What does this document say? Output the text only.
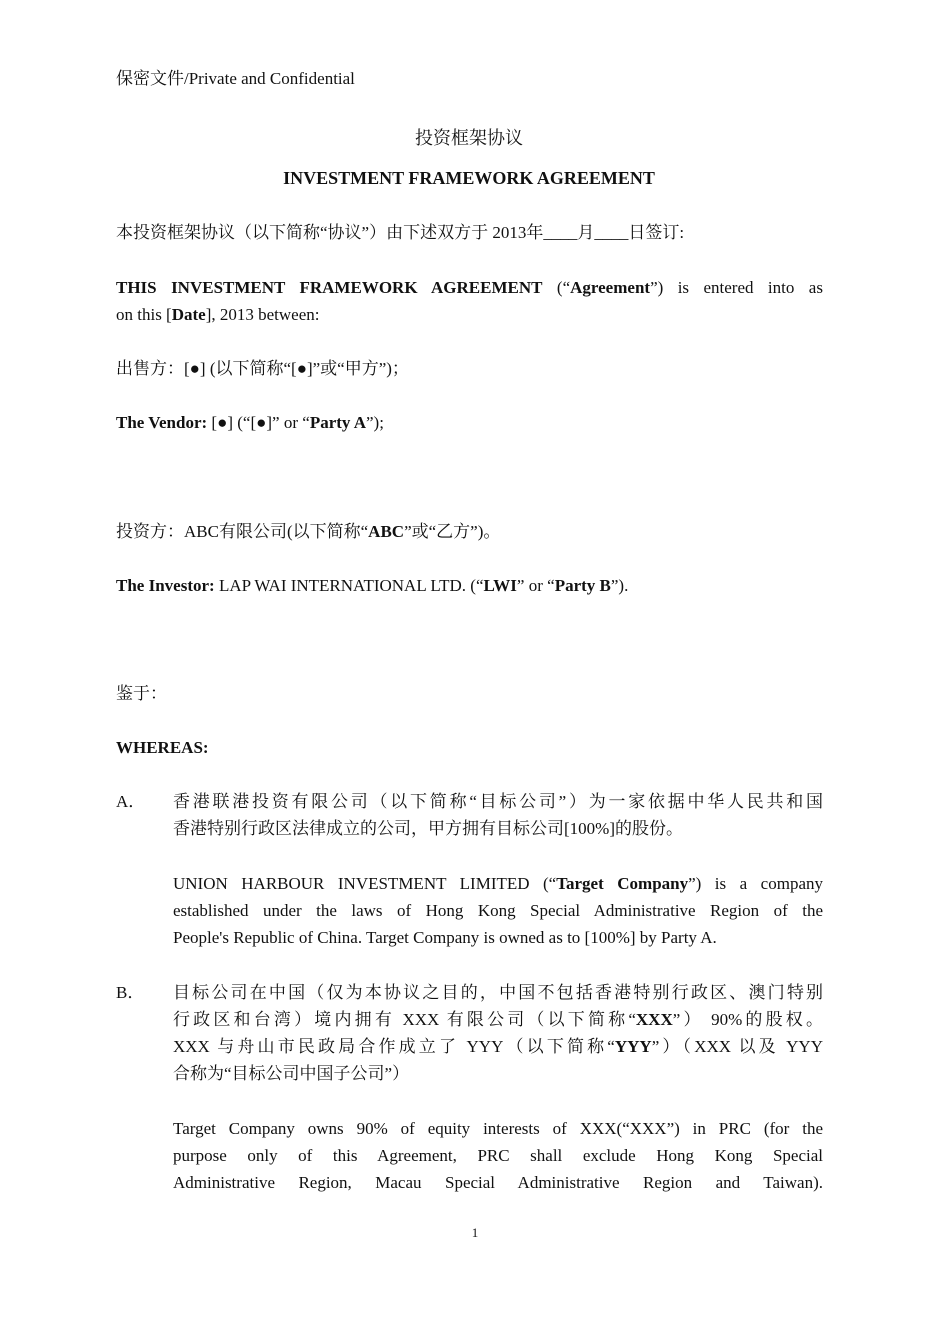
保密文件/Private and Confidential
投资框架协议
INVESTMENT FRAMEWORK AGREEMENT
本投资框架协议（以下简称“协议”）由下述双方于 2013年____月____日签订:
THIS INVESTMENT FRAMEWORK AGREEMENT (“Agreement”) is entered into as
on this [Date], 2013 between:
出售方：[●] (以下简称“[●]”或“甲方”)；
The Vendor: [●] (“[●]” or “Party A”);
投资方：ABC有限公司(以下简称“ABC”或“乙方”)。
The Investor: LAP WAI INTERNATIONAL LTD. (“LWI” or “Party B”).
鉴于：
WHEREAS:
A． 香港联港投资有限公司（以下简称“目标公司”）为一家依据中华人民共和国
香港特别行政区法律成立的公司，甲方拥有目标公司[100%]的股份。
UNION HARBOUR INVESTMENT LIMITED (“Target Company”) is a company
established under the laws of Hong Kong Special Administrative Region of the
People's Republic of China. Target Company is owned as to [100%] by Party A.
B． 目标公司在中国（仅为本协议之目的，中国不包括香港特别行政区、澳门特别
行政区和台湾）境内拥有 XXX 有限公司（以下简称“XXX”） 90%的股权。
XXX 与舟山市民政局合作成立了 YYY（以下简称“YYY”）（XXX 以及 YYY
合称为“目标公司中国子公司”）
Target Company owns 90% of equity interests of XXX(“XXX”) in PRC (for the
purpose only of this Agreement, PRC shall exclude Hong Kong Special
Administrative Region, Macau Special Administrative Region and Taiwan).
1
